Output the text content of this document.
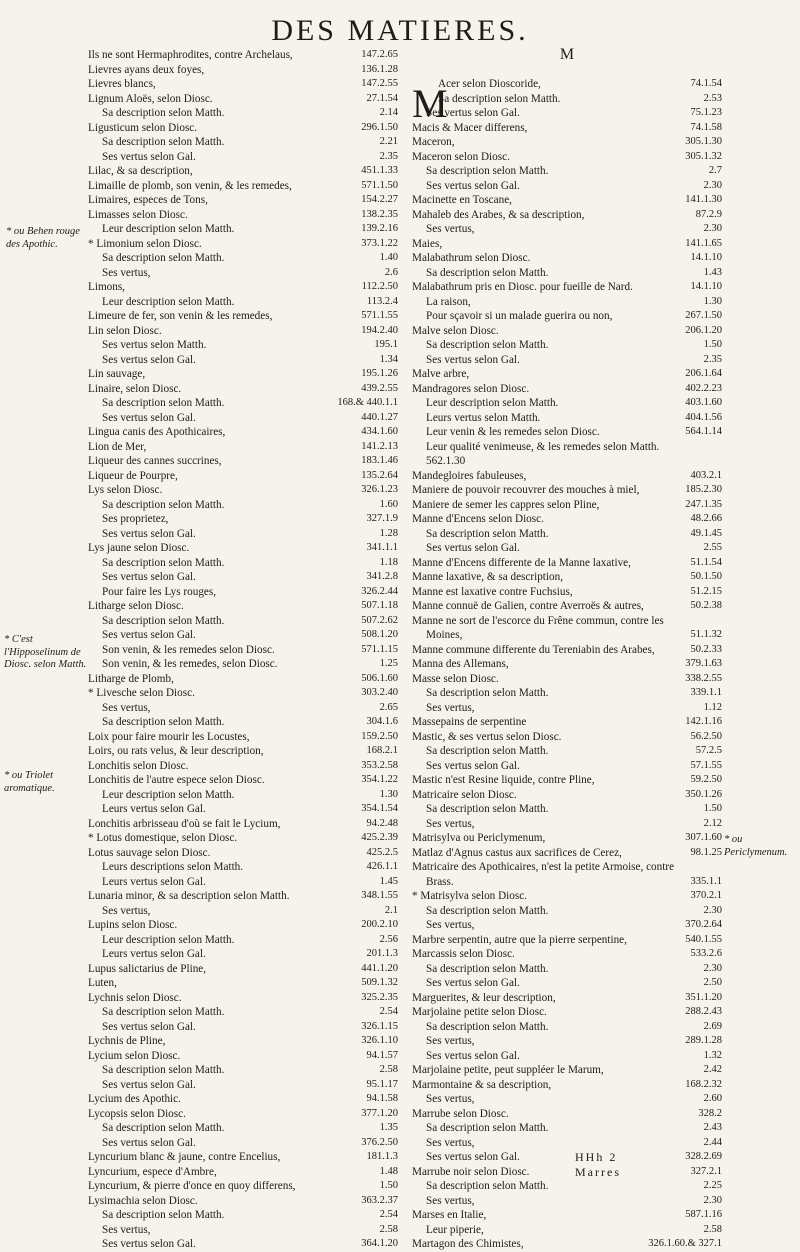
DES MATIERES.
Ils ne sont Hermaphrodites, contre Archelaus,	147.2.65
Lievres ayans deux foyes,	136.1.28
Lievres blancs,	147.2.55
Lignum Aloës, selon Diosc.	27.1.54
Sa description selon Matth.	2.14
Ligusticum selon Diosc.	296.1.50
Sa description selon Matth.	2.21
Ses vertus selon Gal.	2.35
Lilac, & sa description,	451.1.33
Limaille de plomb, son venin, & les remedes,	571.1.50
Limaires, especes de Tons,	154.2.27
Limasses selon Diosc.	138.2.35
Leur description selon Matth.	139.2.16
* Limonium selon Diosc.	373.1.22
Sa description selon Matth.	1.40
Ses vertus,	2.6
Limons,	112.2.50
Leur description selon Matth.	113.2.4
Limeure de fer, son venin & les remedes,	571.1.55
Lin selon Diosc.	194.2.40
Ses vertus selon Matth.	195.1
Ses vertus selon Gal.	1.34
Lin sauvage,	195.1.26
Linaire, selon Diosc.	439.2.55
Sa description selon Matth.	168.& 440.1.1
Ses vertus selon Gal.	440.1.27
Lingua canis des Apothicaires,	434.1.60
Lion de Mer,	141.2.13
Liqueur des cannes succrines,	183.1.46
Liqueur de Pourpre,	135.2.64
Lys selon Diosc.	326.1.23
Sa description selon Matth.	1.60
Ses proprietez,	327.1.9
Ses vertus selon Gal.	1.28
Lys jaune selon Diosc.	341.1.1
Sa description selon Matth.	1.18
Ses vertus selon Gal.	341.2.8
Pour faire les Lys rouges,	326.2.44
Litharge selon Diosc.	507.1.18
Sa description selon Matth.	507.2.62
Ses vertus selon Gal.	508.1.20
Son venin, & les remedes selon Diosc.	571.1.15
Son venin, & les remedes, selon Diosc.	1.25
Litharge de Plomb,	506.1.60
* Livesche selon Diosc.	303.2.40
Ses vertus,	2.65
Sa description selon Matth.	304.1.6
Loix pour faire mourir les Locustes,	159.2.50
Loirs, ou rats velus, & leur description,	168.2.1
Lonchitis selon Diosc.	353.2.58
Lonchitis de l'autre espece selon Diosc.	354.1.22
Leur description selon Matth.	1.30
Leurs vertus selon Gal.	354.1.54
Lonchitis arbrisseau d'où se fait le Lycium,	94.2.48
* Lotus domestique, selon Diosc.	425.2.39
Lotus sauvage selon Diosc.	425.2.5
Leurs descriptions selon Matth.	426.1.1
Leurs vertus selon Gal.	1.45
Lunaria minor, & sa description selon Matth.	348.1.55
Ses vertus,	2.1
Lupins selon Diosc.	200.2.10
Leur description selon Matth.	2.56
Leurs vertus selon Gal.	201.1.3
Lupus salictarius de Pline,	441.1.20
Luten,	509.1.32
Lychnis selon Diosc.	325.2.35
Sa description selon Matth.	2.54
Ses vertus selon Gal.	326.1.15
Lychnis de Pline,	326.1.10
Lycium selon Diosc.	94.1.57
Sa description selon Matth.	2.58
Ses vertus selon Gal.	95.1.17
Lycium des Apothic.	94.1.58
Lycopsis selon Diosc.	377.1.20
Sa description selon Matth.	1.35
Ses vertus selon Gal.	376.2.50
Lyncurium blanc & jaune, contre Encelius,	181.1.3
Lyncurium, espece d'Ambre,	1.48
Lyncurium, & pierre d'once en quoy differens,	1.50
Lysimachia selon Diosc.	363.2.37
Sa description selon Matth.	2.54
Ses vertus,	2.58
Ses vertus selon Gal.	364.1.20
M
Acer selon Dioscoride,	74.1.54
Sa description selon Matth.	2.53
Ses vertus selon Gal.	75.1.23
Macis & Macer differens,	74.1.58
Maceron,	305.1.30
Maceron selon Diosc.	305.1.32
Sa description selon Matth.	2.7
Ses vertus selon Gal.	2.30
Macinette en Toscane,	141.1.30
Mahaleb des Arabes, & sa description,	87.2.9
Ses vertus,	2.30
Maies,	141.1.65
Malabathrum selon Diosc.	14.1.10
Sa description selon Matth.	1.43
Malabathrum pris en Diosc. pour fueille de Nard.	14.1.10
La raison,	1.30
Pour sçavoir si un malade guerira ou non,	267.1.50
Malve selon Diosc.	206.1.20
Sa description selon Matth.	1.50
Ses vertus selon Gal.	2.35
Malve arbre,	206.1.64
Mandragores selon Diosc.	402.2.23
Leur description selon Matth.	403.1.60
Leurs vertus selon Matth.	404.1.56
Leur venin & les remedes selon Diosc.	564.1.14
Leur qualité venimeuse, & les remedes selon Matth.
562.1.30
Mandegloires fabuleuses,	403.2.1
Maniere de pouvoir recouvrer des mouches à miel,	185.2.30
Maniere de semer les cappres selon Pline,	247.1.35
Manne d'Encens selon Diosc.	48.2.66
Sa description selon Matth.	49.1.45
Ses vertus selon Gal.	2.55
Manne d'Encens differente de la Manne laxative,	51.1.54
Manne laxative, & sa description,	50.1.50
Manne est laxative contre Fuchsius,	51.2.15
Manne connuë de Galien, contre Averroës & autres,	50.2.38
Manne ne sort de l'escorce du Frêne commun, contre les
Moines,	51.1.32
Manne commune differente du Tereniabin des Arabes,	50.2.33
Manna des Allemans,	379.1.63
Masse selon Diosc.	338.2.55
Sa description selon Matth.	339.1.1
Ses vertus,	1.12
Massepains de serpentine	142.1.16
Mastic, & ses vertus selon Diosc.	56.2.50
Sa description selon Matth.	57.2.5
Ses vertus selon Gal.	57.1.55
Mastic n'est Resine liquide, contre Pline,	59.2.50
Matricaire selon Diosc.	350.1.26
Sa description selon Matth.	1.50
Ses vertus,	2.12
Matrisylva ou Periclymenum,	307.1.60
Matlaz d'Agnus castus aux sacrifices de Cerez,	98.1.25
Matricaire des Apothicaires, n'est la petite Armoise, contre
Brass.	335.1.1
* Matrisylva selon Diosc.	370.2.1
Sa description selon Matth.	2.30
Ses vertus,	370.2.64
Marbre serpentin, autre que la pierre serpentine,	540.1.55
Marcassis selon Diosc.	533.2.6
Sa description selon Matth.	2.30
Ses vertus selon Gal.	2.50
Marguerites, & leur description,	351.1.20
Marjolaine petite selon Diosc.	288.2.43
Sa description selon Matth.	2.69
Ses vertus,	289.1.28
Ses vertus selon Gal.	1.32
Marjolaine petite, peut suppléer le Marum,	2.42
Marmontaine & sa description,	168.2.32
Ses vertus,	2.60
Marrube selon Diosc.	328.2
Sa description selon Matth.	2.43
Ses vertus,	2.44
Ses vertus selon Gal.	328.2.69
Marrube noir selon Diosc.	327.2.1
Sa description selon Matth.	2.25
Ses vertus,	2.30
Marses en Italie,	587.1.16
Leur piperie,	2.58
Martagon des Chimistes,	326.1.60.& 327.1
M
* ou Behen rouge des Apothic.
* C'est l'Hipposelinum de Diosc. selon Matth.
* ou Triolet aromatique.
* ou Periclymenum.
HHh 2  Marres
